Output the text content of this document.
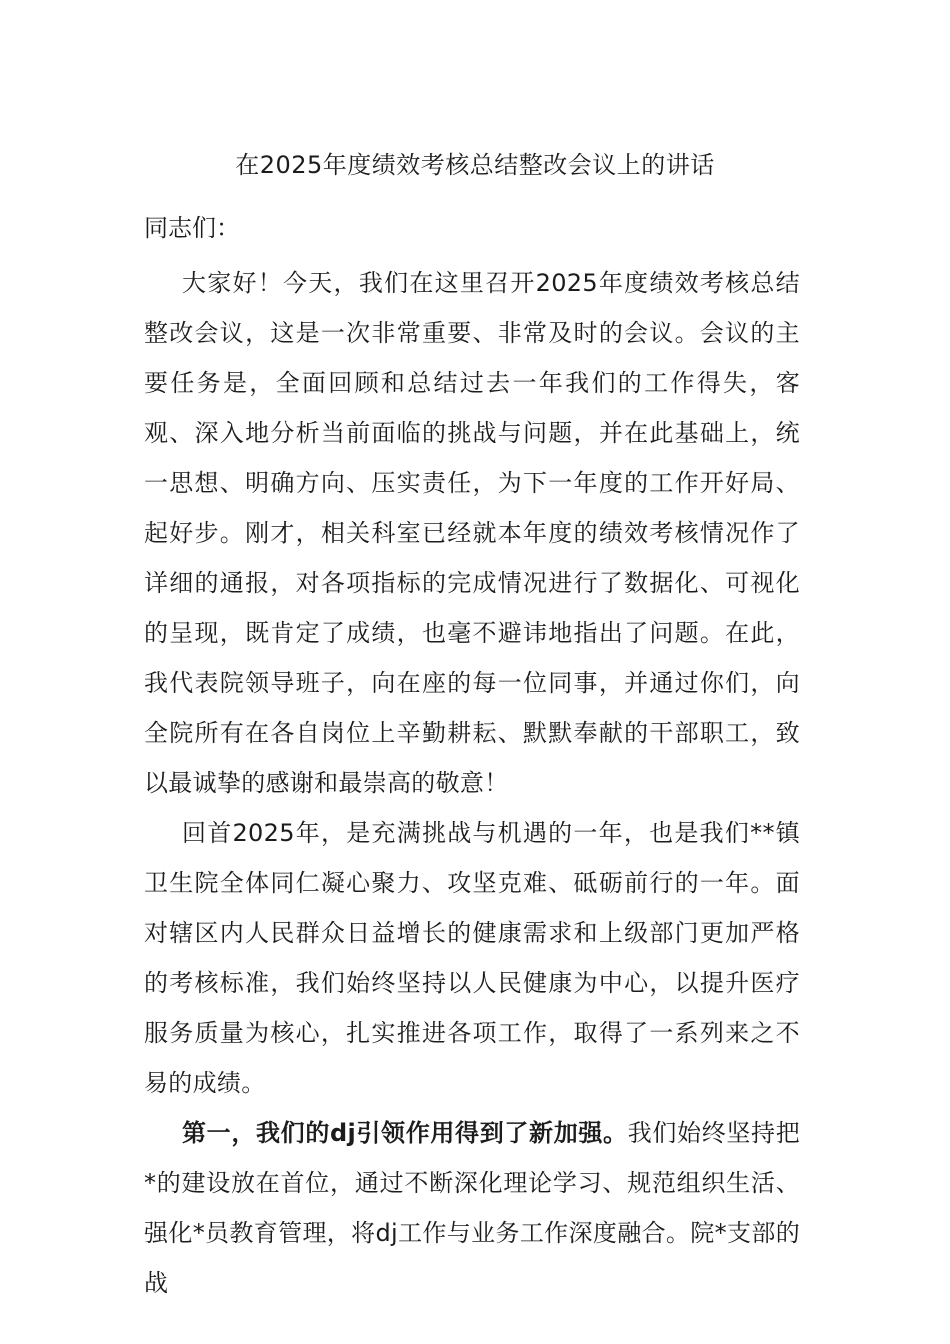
在2025年度绩效考核总结整改会议上的讲话

同志们：

大家好！今天，我们在这里召开2025年度绩效考核总结整改会议，这是一次非常重要、非常及时的会议。会议的主要任务是，全面回顾和总结过去一年我们的工作得失，客观、深入地分析当前面临的挑战与问题，并在此基础上，统一思想、明确方向、压实责任，为下一年度的工作开好局、起好步。刚才，相关科室已经就本年度的绩效考核情况作了详细的通报，对各项指标的完成情况进行了数据化、可视化的呈现，既肯定了成绩，也毫不避讳地指出了问题。在此，我代表院领导班子，向在座的每一位同事，并通过你们，向全院所有在各自岗位上辛勤耕耘、默默奉献的干部职工，致以最诚挚的感谢和最崇高的敬意！

回首2025年，是充满挑战与机遇的一年，也是我们**镇卫生院全体同仁凝心聚力、攻坚克难、砥砺前行的一年。面对辖区内人民群众日益增长的健康需求和上级部门更加严格的考核标准，我们始终坚持以人民健康为中心，以提升医疗服务质量为核心，扎实推进各项工作，取得了一系列来之不易的成绩。

第一，我们的dj引领作用得到了新加强。我们始终坚持把*的建设放在首位，通过不断深化理论学习、规范组织生活、强化*员教育管理，将dj工作与业务工作深度融合。院*支部的战
